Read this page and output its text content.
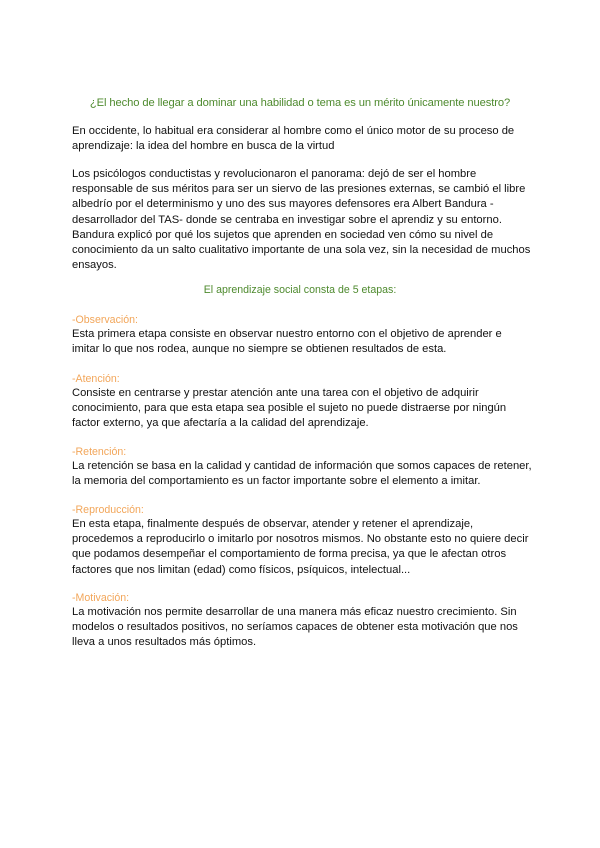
¿El hecho de llegar a dominar una habilidad o tema es un mérito únicamente nuestro?

En occidente, lo habitual era considerar al hombre como el único motor de su proceso de aprendizaje: la idea del hombre en busca de la virtud

Los psicólogos conductistas y revolucionaron el panorama: dejó de ser el hombre responsable de sus méritos para ser un siervo de las presiones externas, se cambió el libre albedrío por el determinismo y uno des sus mayores defensores era Albert Bandura -desarrollador del TAS- donde se centraba en investigar sobre el aprendiz y su entorno. Bandura explicó por qué los sujetos que aprenden en sociedad ven cómo su nivel de conocimiento da un salto cualitativo importante de una sola vez, sin la necesidad de muchos ensayos.

El aprendizaje social consta de 5 etapas:
-Observación:

Esta primera etapa consiste en observar nuestro entorno con el objetivo de aprender e imitar lo que nos rodea, aunque no siempre se obtienen resultados de esta.

-Atención:

Consiste en centrarse y prestar atención ante una tarea con el objetivo de adquirir conocimiento, para que esta etapa sea posible el sujeto no puede distraerse por ningún factor externo, ya que afectaría a la calidad del aprendizaje.

-Retención:

La retención se basa en la calidad y cantidad de información que somos capaces de retener, la memoria del comportamiento es un factor importante sobre el elemento a imitar.

-Reproducción:

En esta etapa, finalmente después de observar, atender y retener el aprendizaje, procedemos a reproducirlo o imitarlo por nosotros mismos. No obstante esto no quiere decir que podamos desempeñar el comportamiento de forma precisa, ya que le afectan otros factores que nos limitan (edad) como físicos, psíquicos, intelectual...

-Motivación:

La motivación nos permite desarrollar de una manera más eficaz nuestro crecimiento. Sin modelos o resultados positivos, no seríamos capaces de obtener esta motivación que nos lleva a unos resultados más óptimos.
